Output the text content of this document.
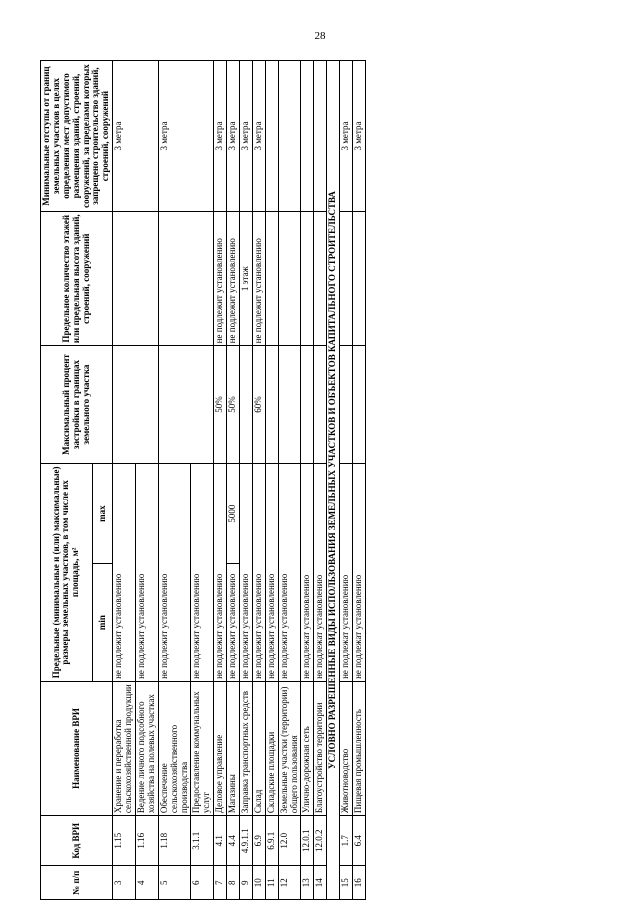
28
№ п/п	Код ВРИ	Наименование ВРИ	Предельные (минимальные и (или) максимальные) размеры земельных участков, в том числе их площадь, м²		Максимальный процент застройки в границах земельного участка	Предельное количество этажей или предельная высота зданий, строений, сооружений	Минимальные отступы от границ земельных участков в целях определения мест допустимого размещения зданий, строений, сооружений, за пределами которых запрещено строительство зданий, строений, сооружений
			min	max			
3	1.15	Хранение и переработка сельскохозяйственной продукции	не подлежит установлению				3 метра
4	1.16	Ведение личного подсобного хозяйства на полевых участках	не подлежит установлению				
5	1.18	Обеспечение сельскохозяйственного производства	не подлежит установлению				3 метра
6	3.1.1	Предоставление коммунальных услуг	не подлежит установлению				
7	4.1	Деловое управление	не подлежит установлению		50%	не подлежит установлению	3 метра
8	4.4	Магазины	не подлежит установлению	5000	50%	не подлежит установлению	3 метра
9	4.9.1.1	Заправка транспортных средств	не подлежит установлению			1 этаж	3 метра
10	6.9	Склад	не подлежит установлению		60%	не подлежит установлению	3 метра
11	6.9.1	Складские площадки	не подлежит установлению				
12	12.0	Земельные участки (территории) общего пользования	не подлежит установлению				
13	12.0.1	Улично-дорожная сеть	не подлежат установлению				
14	12.0.2	Благоустройство территории	не подлежат установлению				
УСЛОВНО РАЗРЕШЕННЫЕ ВИДЫ ИСПОЛЬЗОВАНИЯ ЗЕМЕЛЬНЫХ УЧАСТКОВ И ОБЪЕКТОВ КАПИТАЛЬНОГО СТРОИТЕЛЬСТВА							
15	1.7	Животноводство	не подлежат установлению				3 метра
16	6.4	Пищевая промышленность	не подлежат установлению				3 метра
